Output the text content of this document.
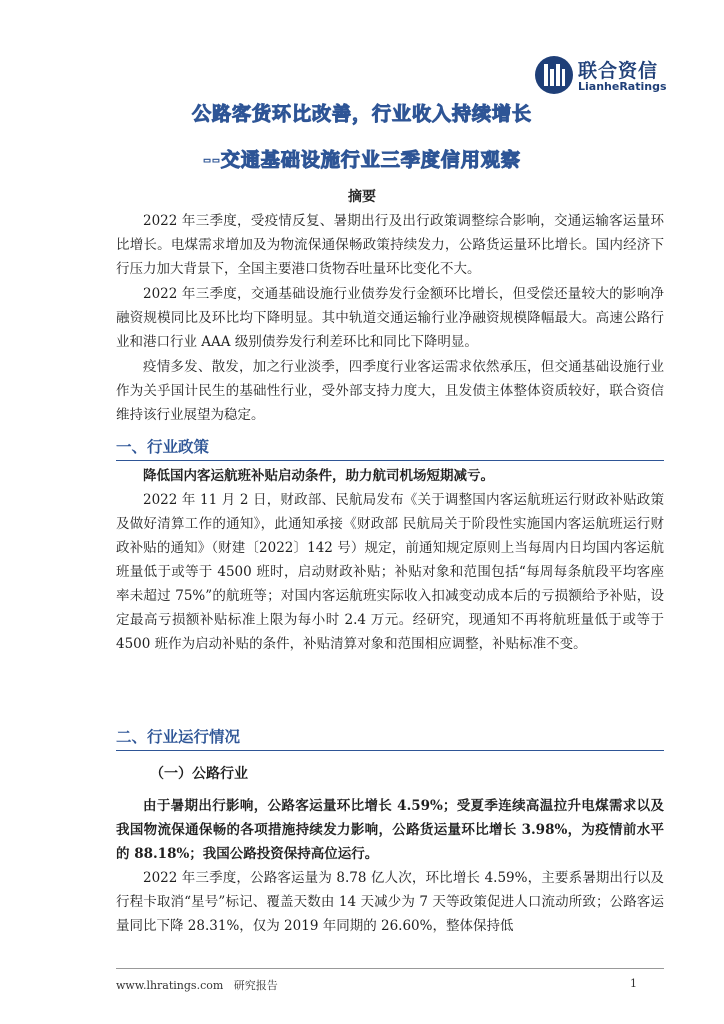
联合资信
LianheRatings
公路客货环比改善，行业收入持续增长
--交通基础设施行业三季度信用观察
摘要

2022 年三季度，受疫情反复、暑期出行及出行政策调整综合影响，交通运输客运量环比增长。电煤需求增加及为物流保通保畅政策持续发力，公路货运量环比增长。国内经济下行压力加大背景下，全国主要港口货物吞吐量环比变化不大。

2022 年三季度，交通基础设施行业债券发行金额环比增长，但受偿还量较大的影响净融资规模同比及环比均下降明显。其中轨道交通运输行业净融资规模降幅最大。高速公路行业和港口行业 AAA 级别债券发行利差环比和同比下降明显。

疫情多发、散发，加之行业淡季，四季度行业客运需求依然承压，但交通基础设施行业作为关乎国计民生的基础性行业，受外部支持力度大，且发债主体整体资质较好，联合资信维持该行业展望为稳定。

一、行业政策

降低国内客运航班补贴启动条件，助力航司机场短期减亏。

2022 年 11 月 2 日，财政部、民航局发布《关于调整国内客运航班运行财政补贴政策及做好清算工作的通知》，此通知承接《财政部 民航局关于阶段性实施国内客运航班运行财政补贴的通知》（财建〔2022〕142 号）规定，前通知规定原则上当每周内日均国内客运航班量低于或等于 4500 班时，启动财政补贴；补贴对象和范围包括“每周每条航段平均客座率未超过 75%”的航班等；对国内客运航班实际收入扣减变动成本后的亏损额给予补贴，设定最高亏损额补贴标准上限为每小时 2.4 万元。经研究，现通知不再将航班量低于或等于 4500 班作为启动补贴的条件，补贴清算对象和范围相应调整，补贴标准不变。

二、行业运行情况
（一）公路行业

由于暑期出行影响，公路客运量环比增长 4.59%；受夏季连续高温拉升电煤需求以及我国物流保通保畅的各项措施持续发力影响，公路货运量环比增长 3.98%，为疫情前水平的 88.18%；我国公路投资保持高位运行。

2022 年三季度，公路客运量为 8.78 亿人次，环比增长 4.59%，主要系暑期出行以及行程卡取消“星号”标记、覆盖天数由 14 天减少为 7 天等政策促进人口流动所致；公路客运量同比下降 28.31%，仅为 2019 年同期的 26.60%，整体保持低

www.lhratings.com 研究报告	1
